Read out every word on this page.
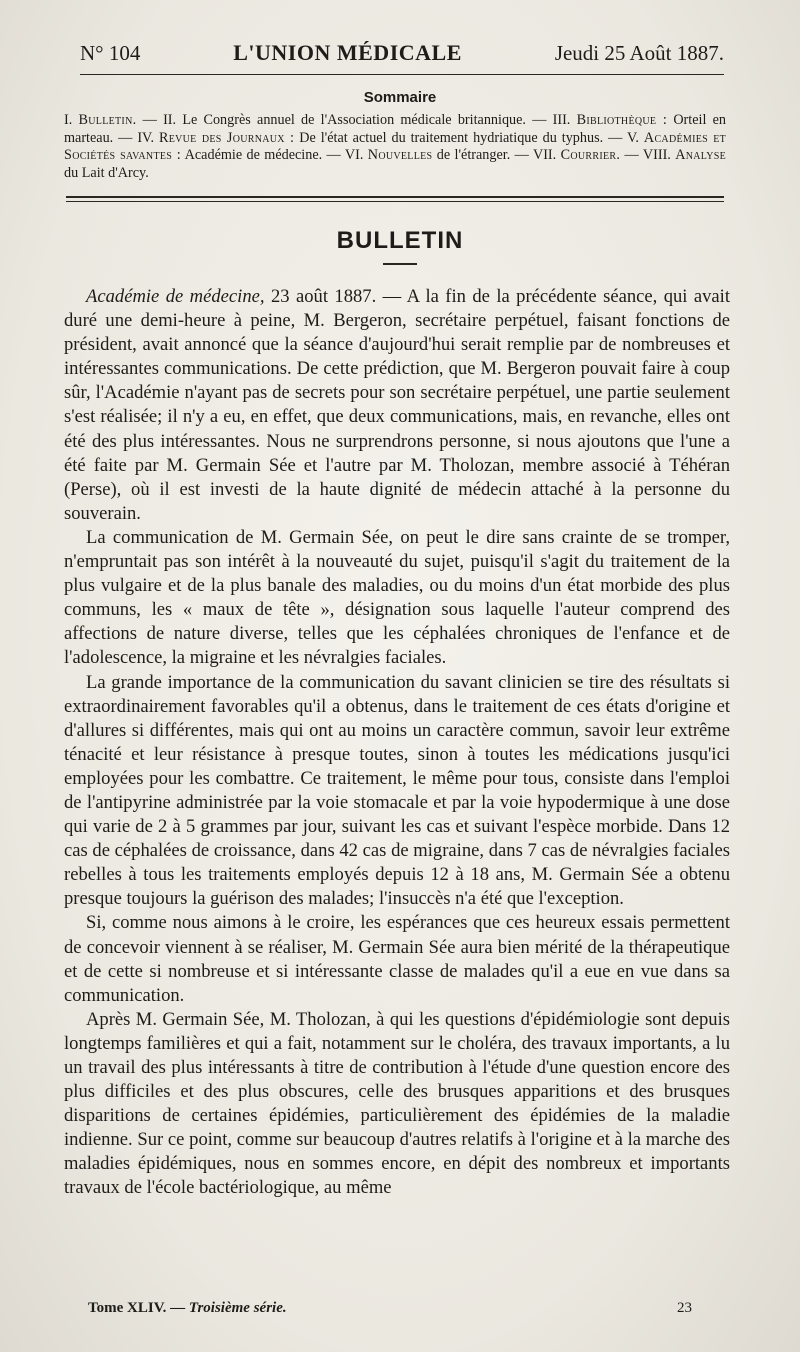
N° 104	L'UNION MÉDICALE	Jeudi 25 Août 1887.
Sommaire
I. Bulletin. — II. Le Congrès annuel de l'Association médicale britannique. — III. Bibliothèque : Orteil en marteau. — IV. Revue des Journaux : De l'état actuel du traitement hydriatique du typhus. — V. Académies et Sociétés savantes : Académie de médecine. — VI. Nouvelles de l'étranger. — VII. Courrier. — VIII. Analyse du Lait d'Arcy.
BULLETIN

Académie de médecine, 23 août 1887. — A la fin de la précédente séance, qui avait duré une demi-heure à peine, M. Bergeron, secrétaire perpétuel, faisant fonctions de président, avait annoncé que la séance d'aujourd'hui serait remplie par de nombreuses et intéressantes communications. De cette prédiction, que M. Bergeron pouvait faire à coup sûr, l'Académie n'ayant pas de secrets pour son secrétaire perpétuel, une partie seulement s'est réalisée; il n'y a eu, en effet, que deux communications, mais, en revanche, elles ont été des plus intéressantes. Nous ne surprendrons personne, si nous ajoutons que l'une a été faite par M. Germain Sée et l'autre par M. Tholozan, membre associé à Téhéran (Perse), où il est investi de la haute dignité de médecin attaché à la personne du souverain.

La communication de M. Germain Sée, on peut le dire sans crainte de se tromper, n'empruntait pas son intérêt à la nouveauté du sujet, puisqu'il s'agit du traitement de la plus vulgaire et de la plus banale des maladies, ou du moins d'un état morbide des plus communs, les « maux de tête », désignation sous laquelle l'auteur comprend des affections de nature diverse, telles que les céphalées chroniques de l'enfance et de l'adolescence, la migraine et les névralgies faciales.

La grande importance de la communication du savant clinicien se tire des résultats si extraordinairement favorables qu'il a obtenus, dans le traitement de ces états d'origine et d'allures si différentes, mais qui ont au moins un caractère commun, savoir leur extrême ténacité et leur résistance à presque toutes, sinon à toutes les médications jusqu'ici employées pour les combattre. Ce traitement, le même pour tous, consiste dans l'emploi de l'antipyrine administrée par la voie stomacale et par la voie hypodermique à une dose qui varie de 2 à 5 grammes par jour, suivant les cas et suivant l'espèce morbide. Dans 12 cas de céphalées de croissance, dans 42 cas de migraine, dans 7 cas de névralgies faciales rebelles à tous les traitements employés depuis 12 à 18 ans, M. Germain Sée a obtenu presque toujours la guérison des malades; l'insuccès n'a été que l'exception.

Si, comme nous aimons à le croire, les espérances que ces heureux essais permettent de concevoir viennent à se réaliser, M. Germain Sée aura bien mérité de la thérapeutique et de cette si nombreuse et si intéressante classe de malades qu'il a eue en vue dans sa communication.

Après M. Germain Sée, M. Tholozan, à qui les questions d'épidémiologie sont depuis longtemps familières et qui a fait, notamment sur le choléra, des travaux importants, a lu un travail des plus intéressants à titre de contribution à l'étude d'une question encore des plus difficiles et des plus obscures, celle des brusques apparitions et des brusques disparitions de certaines épidémies, particulièrement des épidémies de la maladie indienne. Sur ce point, comme sur beaucoup d'autres relatifs à l'origine et à la marche des maladies épidémiques, nous en sommes encore, en dépit des nombreux et importants travaux de l'école bactériologique, au même

Tome XLIV. — Troisième série.	23
